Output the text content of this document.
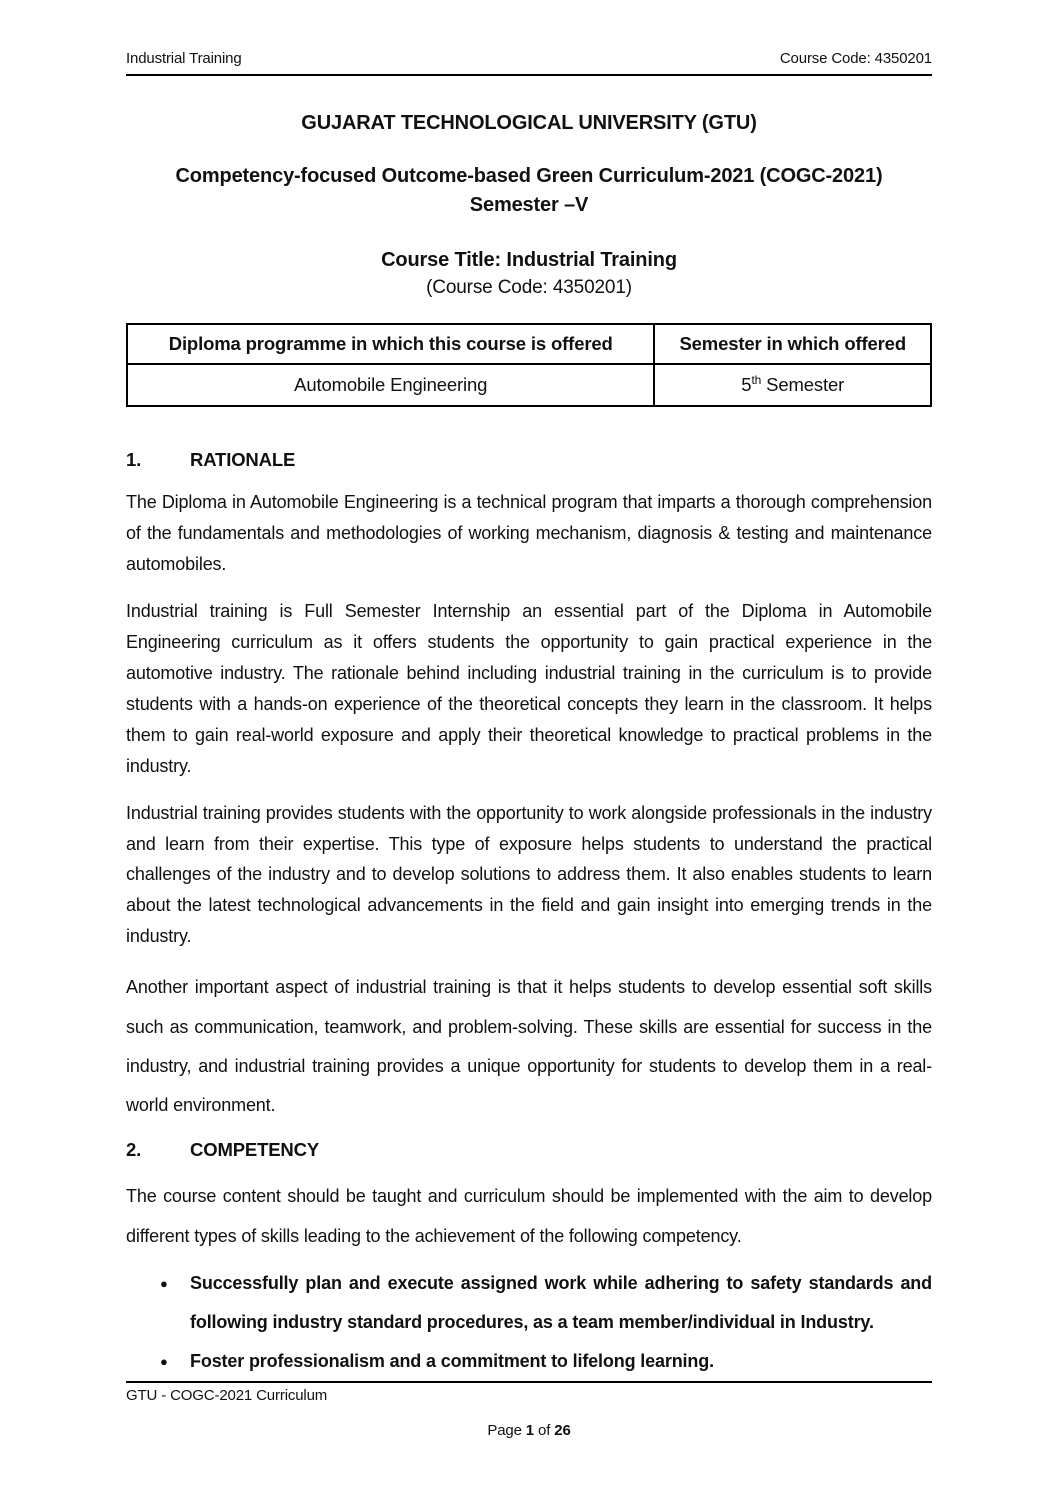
Industrial Training	Course Code: 4350201
GUJARAT TECHNOLOGICAL UNIVERSITY (GTU)
Competency-focused Outcome-based Green Curriculum-2021 (COGC-2021)
Semester –V
Course Title: Industrial Training
(Course Code: 4350201)
Diploma programme in which this course is offered	Semester in which offered
Automobile Engineering	5th Semester
1.	RATIONALE

The Diploma in Automobile Engineering is a technical program that imparts a thorough comprehension of the fundamentals and methodologies of working mechanism, diagnosis & testing and maintenance automobiles.

Industrial training is Full Semester Internship an essential part of the Diploma in Automobile Engineering curriculum as it offers students the opportunity to gain practical experience in the automotive industry. The rationale behind including industrial training in the curriculum is to provide students with a hands-on experience of the theoretical concepts they learn in the classroom. It helps them to gain real-world exposure and apply their theoretical knowledge to practical problems in the industry.

Industrial training provides students with the opportunity to work alongside professionals in the industry and learn from their expertise. This type of exposure helps students to understand the practical challenges of the industry and to develop solutions to address them. It also enables students to learn about the latest technological advancements in the field and gain insight into emerging trends in the industry.

Another important aspect of industrial training is that it helps students to develop essential soft skills such as communication, teamwork, and problem-solving. These skills are essential for success in the industry, and industrial training provides a unique opportunity for students to develop them in a real-world environment.

2.	COMPETENCY

The course content should be taught and curriculum should be implemented with the aim to develop different types of skills leading to the achievement of the following competency.

●	Successfully plan and execute assigned work while adhering to safety standards and following industry standard procedures, as a team member/individual in Industry.
●	Foster professionalism and a commitment to lifelong learning.
GTU - COGC-2021 Curriculum
Page 1 of 26
